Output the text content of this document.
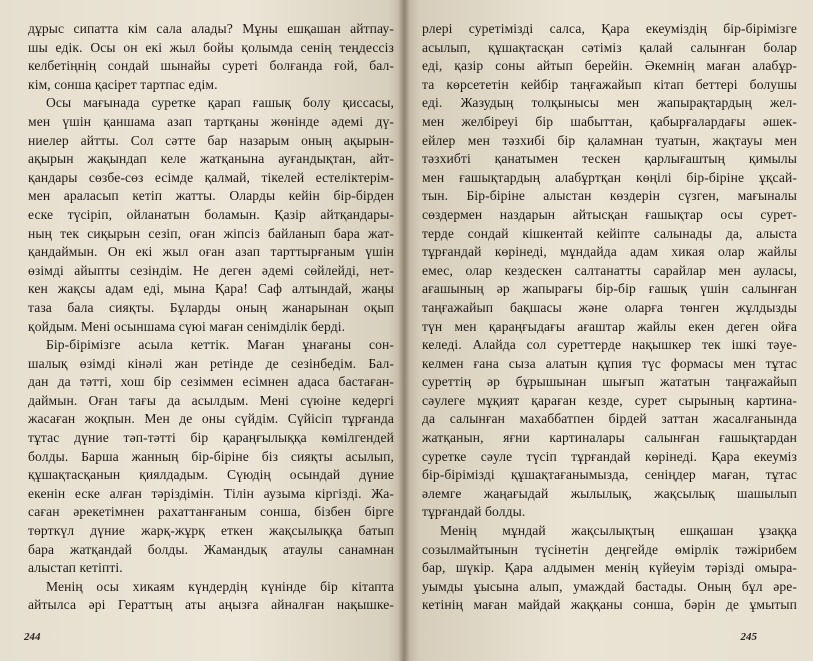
дұрыс сипатта кім сала алады? Мұны ешқашан айтпау-
шы едік. Осы он екі жыл бойы қолымда сенің теңдессіз
келбетіңнің сондай шынайы суреті болғанда ғой, бал-
кім, сонша қасірет тартпас едім.
Осы мағынада суретке қарап ғашық болу қиссасы,
мен үшін қаншама азап тартқаны жөнінде әдемі дү-
ниелер айтты. Сол сәтте бар назарым оның ақырын-
ақырын жақындап келе жатқанына ауғандықтан, айт-
қандары сөзбе-сөз есімде қалмай, тікелей естеліктерім-
мен араласып кетіп жатты. Оларды кейін бір-бірден
еске түсіріп, ойланатын боламын. Қазір айтқандары-
ның тек сиқырын сезіп, оған жіпсіз байланып бара жат-
қандаймын. Он екі жыл оған азап тарттырғаным үшін
өзімді айыпты сезіндім. Не деген әдемі сөйлейді, нет-
кен жақсы адам еді, мына Қара! Саф алтындай, жаңы
таза бала сияқты. Бұларды оның жанарынан оқып
қойдым. Мені осыншама сүюі маған сенімділік берді.
Бір-бірімізге асыла кеттік. Маған ұнағаны сон-
шалық өзімді кінәлі жан ретінде де сезінбедім. Бал-
дан да тәтті, хош бір сезіммен есімнен адаса бастаған-
даймын. Оған тағы да асылдым. Мені сүюіне кедергі
жасаған жоқпын. Мен де оны сүйдім. Сүйісіп тұрғанда
тұтас дүние тәп-тәтті бір қараңғылыққа көмілгендей
болды. Барша жанның бір-біріне біз сияқты асылып,
құшақтасқанын қиялдадым. Сүюдің осындай дүние
екенін еске алған тәріздімін. Тілін аузыма кіргізді. Жа-
саған әрекетімнен рахаттанғаным сонша, бізбен бірге
төрткүл дүние жарқ-жұрқ еткен жақсылыққа батып
бара жатқандай болды. Жамандық атаулы санамнан
алыстап кетіпті.
Менің осы хикаям күндердің күнінде бір кітапта
айтылса әрі Гераттың аты аңызға айналған нақышке-
244
рлері суретімізді салса, Қара екеуміздің бір-бірімізге
асылып, құшақтасқан сәтіміз қалай салынған болар
еді, қазір соны айтып берейін. Әкемнің маған алабұр-
та көрсететін кейбір таңғажайып кітап беттері болушы
еді. Жазудың толқынысы мен жапырақтардың жел-
мен желбіреуі бір шабыттан, қабырғалардағы әшек-
ейлер мен тәзхибі бір қаламнан туатын, жақтауы мен
тәзхибті қанатымен тескен қарлығаштың қимылы
мен ғашықтардың алабұртқан көңілі бір-біріне ұқсай-
тын. Бір-біріне алыстан көздерін сүзген, мағыналы
сөздермен наздарын айтысқан ғашықтар осы сурет-
терде сондай кішкентай кейіпте салынады да, алыста
тұрғандай көрінеді, мұндайда адам хикая олар жайлы
емес, олар кездескен салтанатты сарайлар мен ауласы,
ағашының әр жапырағы бір-бір ғашық үшін салынған
таңғажайып бақшасы және оларға төнген жұлдызды
түн мен қараңғыдағы ағаштар жайлы екен деген ойға
келеді. Алайда сол суреттерде нақышкер тек ішкі тәуе-
келмен ғана сыза алатын құпия түс формасы мен тұтас
суреттің әр бұрышынан шығып жататын таңғажайып
сәулеге мұқият қараған кезде, сурет сырының картина-
да салынған махаббатпен бірдей заттан жасалғанында
жатқанын, яғни картиналары салынған ғашықтардан
суретке сәуле түсіп тұрғандай көрінеді. Қара екеуміз
бір-бірімізді құшақтағанымызда, сеніңдер маған, тұтас
әлемге жаңағыдай жылылық, жақсылық шашылып
тұрғандай болды.
Менің мұндай жақсылықтың ешқашан ұзаққа
созылмайтынын түсінетін деңгейде өмірлік тәжірибем
бар, шүкір. Қара алдымен менің күйеуім тәрізді омыра-
уымды ұысына алып, умаждай бастады. Оның бұл әре-
кетінің маған майдай жаққаны сонша, бәрін де ұмытып
245
